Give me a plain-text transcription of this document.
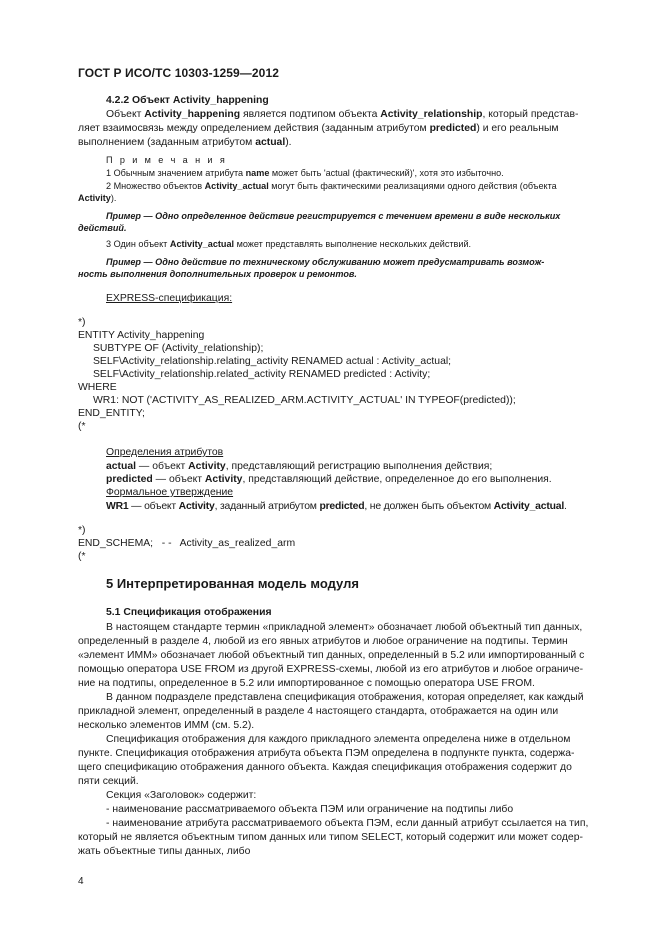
ГОСТ Р ИСО/ТС 10303-1259—2012
4.2.2 Объект Activity_happening
Объект Activity_happening является подтипом объекта Activity_relationship, который представ-
ляет взаимосвязь между определением действия (заданным атрибутом predicted) и его реальным
выполнением (заданным атрибутом actual).
П р и м е ч а н и я
1 Обычным значением атрибута name может быть 'actual (фактический)', хотя это избыточно.
2 Множество объектов Activity_actual могут быть фактическими реализациями одного действия (объекта
Activity).
Пример — Одно определенное действие регистрируется с течением времени в виде нескольких
действий.
3 Один объект Activity_actual может представлять выполнение нескольких действий.
Пример — Одно действие по техническому обслуживанию может предусматривать возмож-
ность выполнения дополнительных проверок и ремонтов.
EXPRESS-спецификация:
*)
ENTITY Activity_happening
SUBTYPE OF (Activity_relationship);
SELF\Activity_relationship.relating_activity RENAMED actual : Activity_actual;
SELF\Activity_relationship.related_activity RENAMED predicted : Activity;
WHERE
WR1: NOT ('ACTIVITY_AS_REALIZED_ARM.ACTIVITY_ACTUAL' IN TYPEOF(predicted));
END_ENTITY;
(*
Определения атрибутов
actual — объект Activity, представляющий регистрацию выполнения действия;
predicted — объект Activity, представляющий действие, определенное до его выполнения.
Формальное утверждение
WR1 — объект Activity, заданный атрибутом predicted, не должен быть объектом Activity_actual.
*)
END_SCHEMA;   - -   Activity_as_realized_arm
(*
5 Интерпретированная модель модуля
5.1 Спецификация отображения
В настоящем стандарте термин «прикладной элемент» обозначает любой объектный тип данных,
определенный в разделе 4, любой из его явных атрибутов и любое ограничение на подтипы. Термин
«элемент ИММ» обозначает любой объектный тип данных, определенный в 5.2 или импортированный с
помощью оператора USE FROM из другой EXPRESS-схемы, любой из его атрибутов и любое ограниче-
ние на подтипы, определенное в 5.2 или импортированное с помощью оператора USE FROM.
В данном подразделе представлена спецификация отображения, которая определяет, как каждый
прикладной элемент, определенный в разделе 4 настоящего стандарта, отображается на один или
несколько элементов ИММ (см. 5.2).
Спецификация отображения для каждого прикладного элемента определена ниже в отдельном
пункте. Спецификация отображения атрибута объекта ПЭМ определена в подпункте пункта, содержа-
щего спецификацию отображения данного объекта. Каждая спецификация отображения содержит до
пяти секций.
Секция «Заголовок» содержит:
- наименование рассматриваемого объекта ПЭМ или ограничение на подтипы либо
- наименование атрибута рассматриваемого объекта ПЭМ, если данный атрибут ссылается на тип,
который не является объектным типом данных или типом SELECT, который содержит или может содер-
жать объектные типы данных, либо
4
